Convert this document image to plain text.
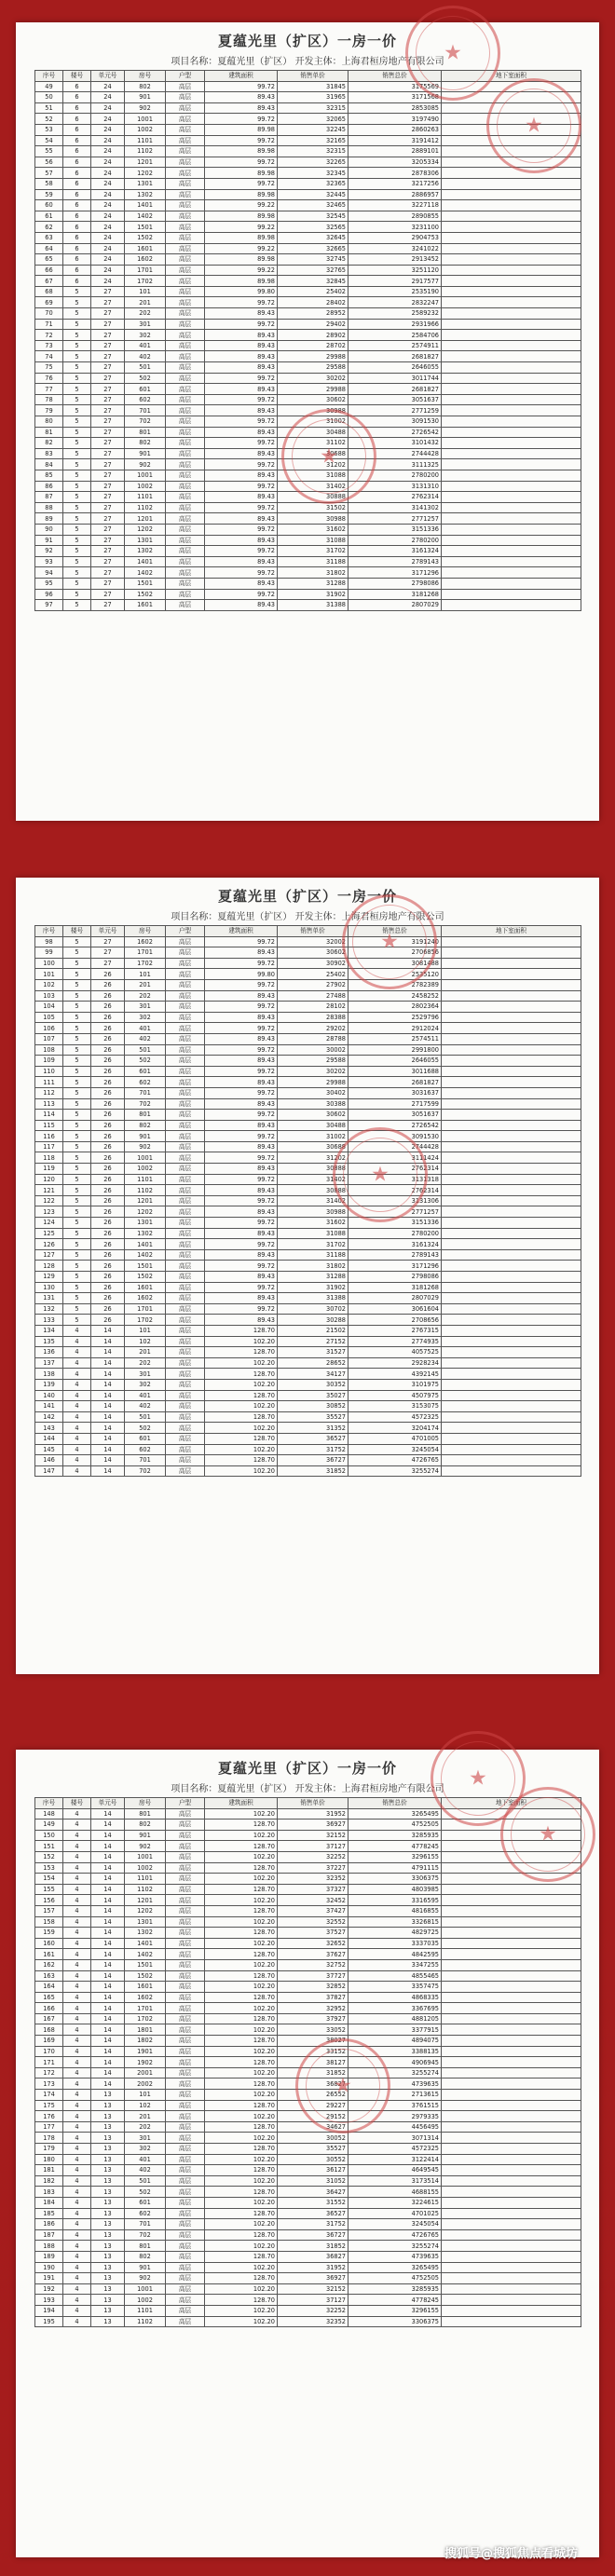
夏蕴光里（扩区）一房一价
项目名称：夏蕴光里（扩区） 开发主体：上海君桓房地产有限公司
序号	楼号	单元号	房号	户型	建筑面积	销售单价	销售总价	地下室面积
49	6	24	802	高层	99.72	31845	3175569	
50	6	24	901	高层	89.43	31965	3171568	
51	6	24	902	高层	89.43	32315	2853085	
52	6	24	1001	高层	99.72	32065	3197490	
53	6	24	1002	高层	89.98	32245	2860263	
54	6	24	1101	高层	99.72	32165	3191412	
55	6	24	1102	高层	89.98	32315	2889101	
56	6	24	1201	高层	99.72	32265	3205334	
57	6	24	1202	高层	89.98	32345	2878306	
58	6	24	1301	高层	99.72	32365	3217256	
59	6	24	1302	高层	89.98	32445	2886957	
60	6	24	1401	高层	99.22	32465	3227118	
61	6	24	1402	高层	89.98	32545	2890855	
62	6	24	1501	高层	99.22	32565	3231100	
63	6	24	1502	高层	89.98	32645	2904753	
64	6	24	1601	高层	99.22	32665	3241022	
65	6	24	1602	高层	89.98	32745	2913452	
66	6	24	1701	高层	99.22	32765	3251120	
67	6	24	1702	高层	89.98	32845	2917577	
68	5	27	101	高层	99.80	25402	2535190	
69	5	27	201	高层	99.72	28402	2832247	
70	5	27	202	高层	89.43	28952	2589232	
71	5	27	301	高层	99.72	29402	2931966	
72	5	27	302	高层	89.43	28902	2584706	
73	5	27	401	高层	89.43	28702	2574911	
74	5	27	402	高层	89.43	29988	2681827	
75	5	27	501	高层	89.43	29588	2646055	
76	5	27	502	高层	99.72	30202	3011744	
77	5	27	601	高层	89.43	29988	2681827	
78	5	27	602	高层	99.72	30602	3051637	
79	5	27	701	高层	89.43	30988	2771259	
80	5	27	702	高层	99.72	31002	3091530	
81	5	27	801	高层	89.43	30488	2726542	
82	5	27	802	高层	99.72	31102	3101432	
83	5	27	901	高层	89.43	30688	2744428	
84	5	27	902	高层	99.72	31202	3111325	
85	5	27	1001	高层	89.43	31088	2780200	
86	5	27	1002	高层	99.72	31402	3131310	
87	5	27	1101	高层	89.43	30888	2762314	
88	5	27	1102	高层	99.72	31502	3141302	
89	5	27	1201	高层	89.43	30988	2771257	
90	5	27	1202	高层	99.72	31602	3151336	
91	5	27	1301	高层	89.43	31088	2780200	
92	5	27	1302	高层	99.72	31702	3161324	
93	5	27	1401	高层	89.43	31188	2789143	
94	5	27	1402	高层	99.72	31802	3171296	
95	5	27	1501	高层	89.43	31288	2798086	
96	5	27	1502	高层	99.72	31902	3181268	
97	5	27	1601	高层	89.43	31388	2807029	
★
★
★
夏蕴光里（扩区）一房一价
项目名称：夏蕴光里（扩区） 开发主体：上海君桓房地产有限公司
序号	楼号	单元号	房号	户型	建筑面积	销售单价	销售总价	地下室面积
98	5	27	1602	高层	99.72	32002	3191240	
99	5	27	1701	高层	89.43	30602	2706856	
100	5	27	1702	高层	99.72	30902	3081488	
101	5	26	101	高层	99.80	25402	2535120	
102	5	26	201	高层	99.72	27902	2782389	
103	5	26	202	高层	89.43	27488	2458252	
104	5	26	301	高层	99.72	28102	2802364	
105	5	26	302	高层	89.43	28388	2529796	
106	5	26	401	高层	99.72	29202	2912024	
107	5	26	402	高层	89.43	28788	2574511	
108	5	26	501	高层	99.72	30002	2991800	
109	5	26	502	高层	89.43	29588	2646055	
110	5	26	601	高层	99.72	30202	3011688	
111	5	26	602	高层	89.43	29988	2681827	
112	5	26	701	高层	99.72	30402	3031637	
113	5	26	702	高层	89.43	30388	2717599	
114	5	26	801	高层	99.72	30602	3051637	
115	5	26	802	高层	89.43	30488	2726542	
116	5	26	901	高层	99.72	31002	3091530	
117	5	26	902	高层	89.43	30688	2744428	
118	5	26	1001	高层	99.72	31202	3111424	
119	5	26	1002	高层	89.43	30888	2762314	
120	5	26	1101	高层	99.72	31402	3131318	
121	5	26	1102	高层	89.43	30888	2762314	
122	5	26	1201	高层	99.72	31402	3131306	
123	5	26	1202	高层	89.43	30988	2771257	
124	5	26	1301	高层	99.72	31602	3151336	
125	5	26	1302	高层	89.43	31088	2780200	
126	5	26	1401	高层	99.72	31702	3161324	
127	5	26	1402	高层	89.43	31188	2789143	
128	5	26	1501	高层	99.72	31802	3171296	
129	5	26	1502	高层	89.43	31288	2798086	
130	5	26	1601	高层	99.72	31902	3181268	
131	5	26	1602	高层	89.43	31388	2807029	
132	5	26	1701	高层	99.72	30702	3061604	
133	5	26	1702	高层	89.43	30288	2708656	
134	4	14	101	高层	128.70	21502	2767315	
135	4	14	102	高层	102.20	27152	2774935	
136	4	14	201	高层	128.70	31527	4057525	
137	4	14	202	高层	102.20	28652	2928234	
138	4	14	301	高层	128.70	34127	4392145	
139	4	14	302	高层	102.20	30352	3101975	
140	4	14	401	高层	128.70	35027	4507975	
141	4	14	402	高层	102.20	30852	3153075	
142	4	14	501	高层	128.70	35527	4572325	
143	4	14	502	高层	102.20	31352	3204174	
144	4	14	601	高层	128.70	36527	4701005	
145	4	14	602	高层	102.20	31752	3245054	
146	4	14	701	高层	128.70	36727	4726765	
147	4	14	702	高层	102.20	31852	3255274	
★
★
夏蕴光里（扩区）一房一价
项目名称：夏蕴光里（扩区） 开发主体：上海君桓房地产有限公司
序号	楼号	单元号	房号	户型	建筑面积	销售单价	销售总价	地下室面积
148	4	14	801	高层	102.20	31952	3265495	
149	4	14	802	高层	128.70	36927	4752505	
150	4	14	901	高层	102.20	32152	3285935	
151	4	14	902	高层	128.70	37127	4778245	
152	4	14	1001	高层	102.20	32252	3296155	
153	4	14	1002	高层	128.70	37227	4791115	
154	4	14	1101	高层	102.20	32352	3306375	
155	4	14	1102	高层	128.70	37327	4803985	
156	4	14	1201	高层	102.20	32452	3316595	
157	4	14	1202	高层	128.70	37427	4816855	
158	4	14	1301	高层	102.20	32552	3326815	
159	4	14	1302	高层	128.70	37527	4829725	
160	4	14	1401	高层	102.20	32652	3337035	
161	4	14	1402	高层	128.70	37627	4842595	
162	4	14	1501	高层	102.20	32752	3347255	
163	4	14	1502	高层	128.70	37727	4855465	
164	4	14	1601	高层	102.20	32852	3357475	
165	4	14	1602	高层	128.70	37827	4868335	
166	4	14	1701	高层	102.20	32952	3367695	
167	4	14	1702	高层	128.70	37927	4881205	
168	4	14	1801	高层	102.20	33052	3377915	
169	4	14	1802	高层	128.70	38027	4894075	
170	4	14	1901	高层	102.20	33152	3388135	
171	4	14	1902	高层	128.70	38127	4906945	
172	4	14	2001	高层	102.20	31852	3255274	
173	4	14	2002	高层	128.70	36827	4739635	
174	4	13	101	高层	102.20	26552	2713615	
175	4	13	102	高层	128.70	29227	3761515	
176	4	13	201	高层	102.20	29152	2979335	
177	4	13	202	高层	128.70	34627	4456495	
178	4	13	301	高层	102.20	30052	3071314	
179	4	13	302	高层	128.70	35527	4572325	
180	4	13	401	高层	102.20	30552	3122414	
181	4	13	402	高层	128.70	36127	4649545	
182	4	13	501	高层	102.20	31052	3173514	
183	4	13	502	高层	128.70	36427	4688155	
184	4	13	601	高层	102.20	31552	3224615	
185	4	13	602	高层	128.70	36527	4701025	
186	4	13	701	高层	102.20	31752	3245054	
187	4	13	702	高层	128.70	36727	4726765	
188	4	13	801	高层	102.20	31852	3255274	
189	4	13	802	高层	128.70	36827	4739635	
190	4	13	901	高层	102.20	31952	3265495	
191	4	13	902	高层	128.70	36927	4752505	
192	4	13	1001	高层	102.20	32152	3285935	
193	4	13	1002	高层	128.70	37127	4778245	
194	4	13	1101	高层	102.20	32252	3296155	
195	4	13	1102	高层	102.20	32352	3306375	
★
★
★
搜狐号@搜狐焦点看城坊
